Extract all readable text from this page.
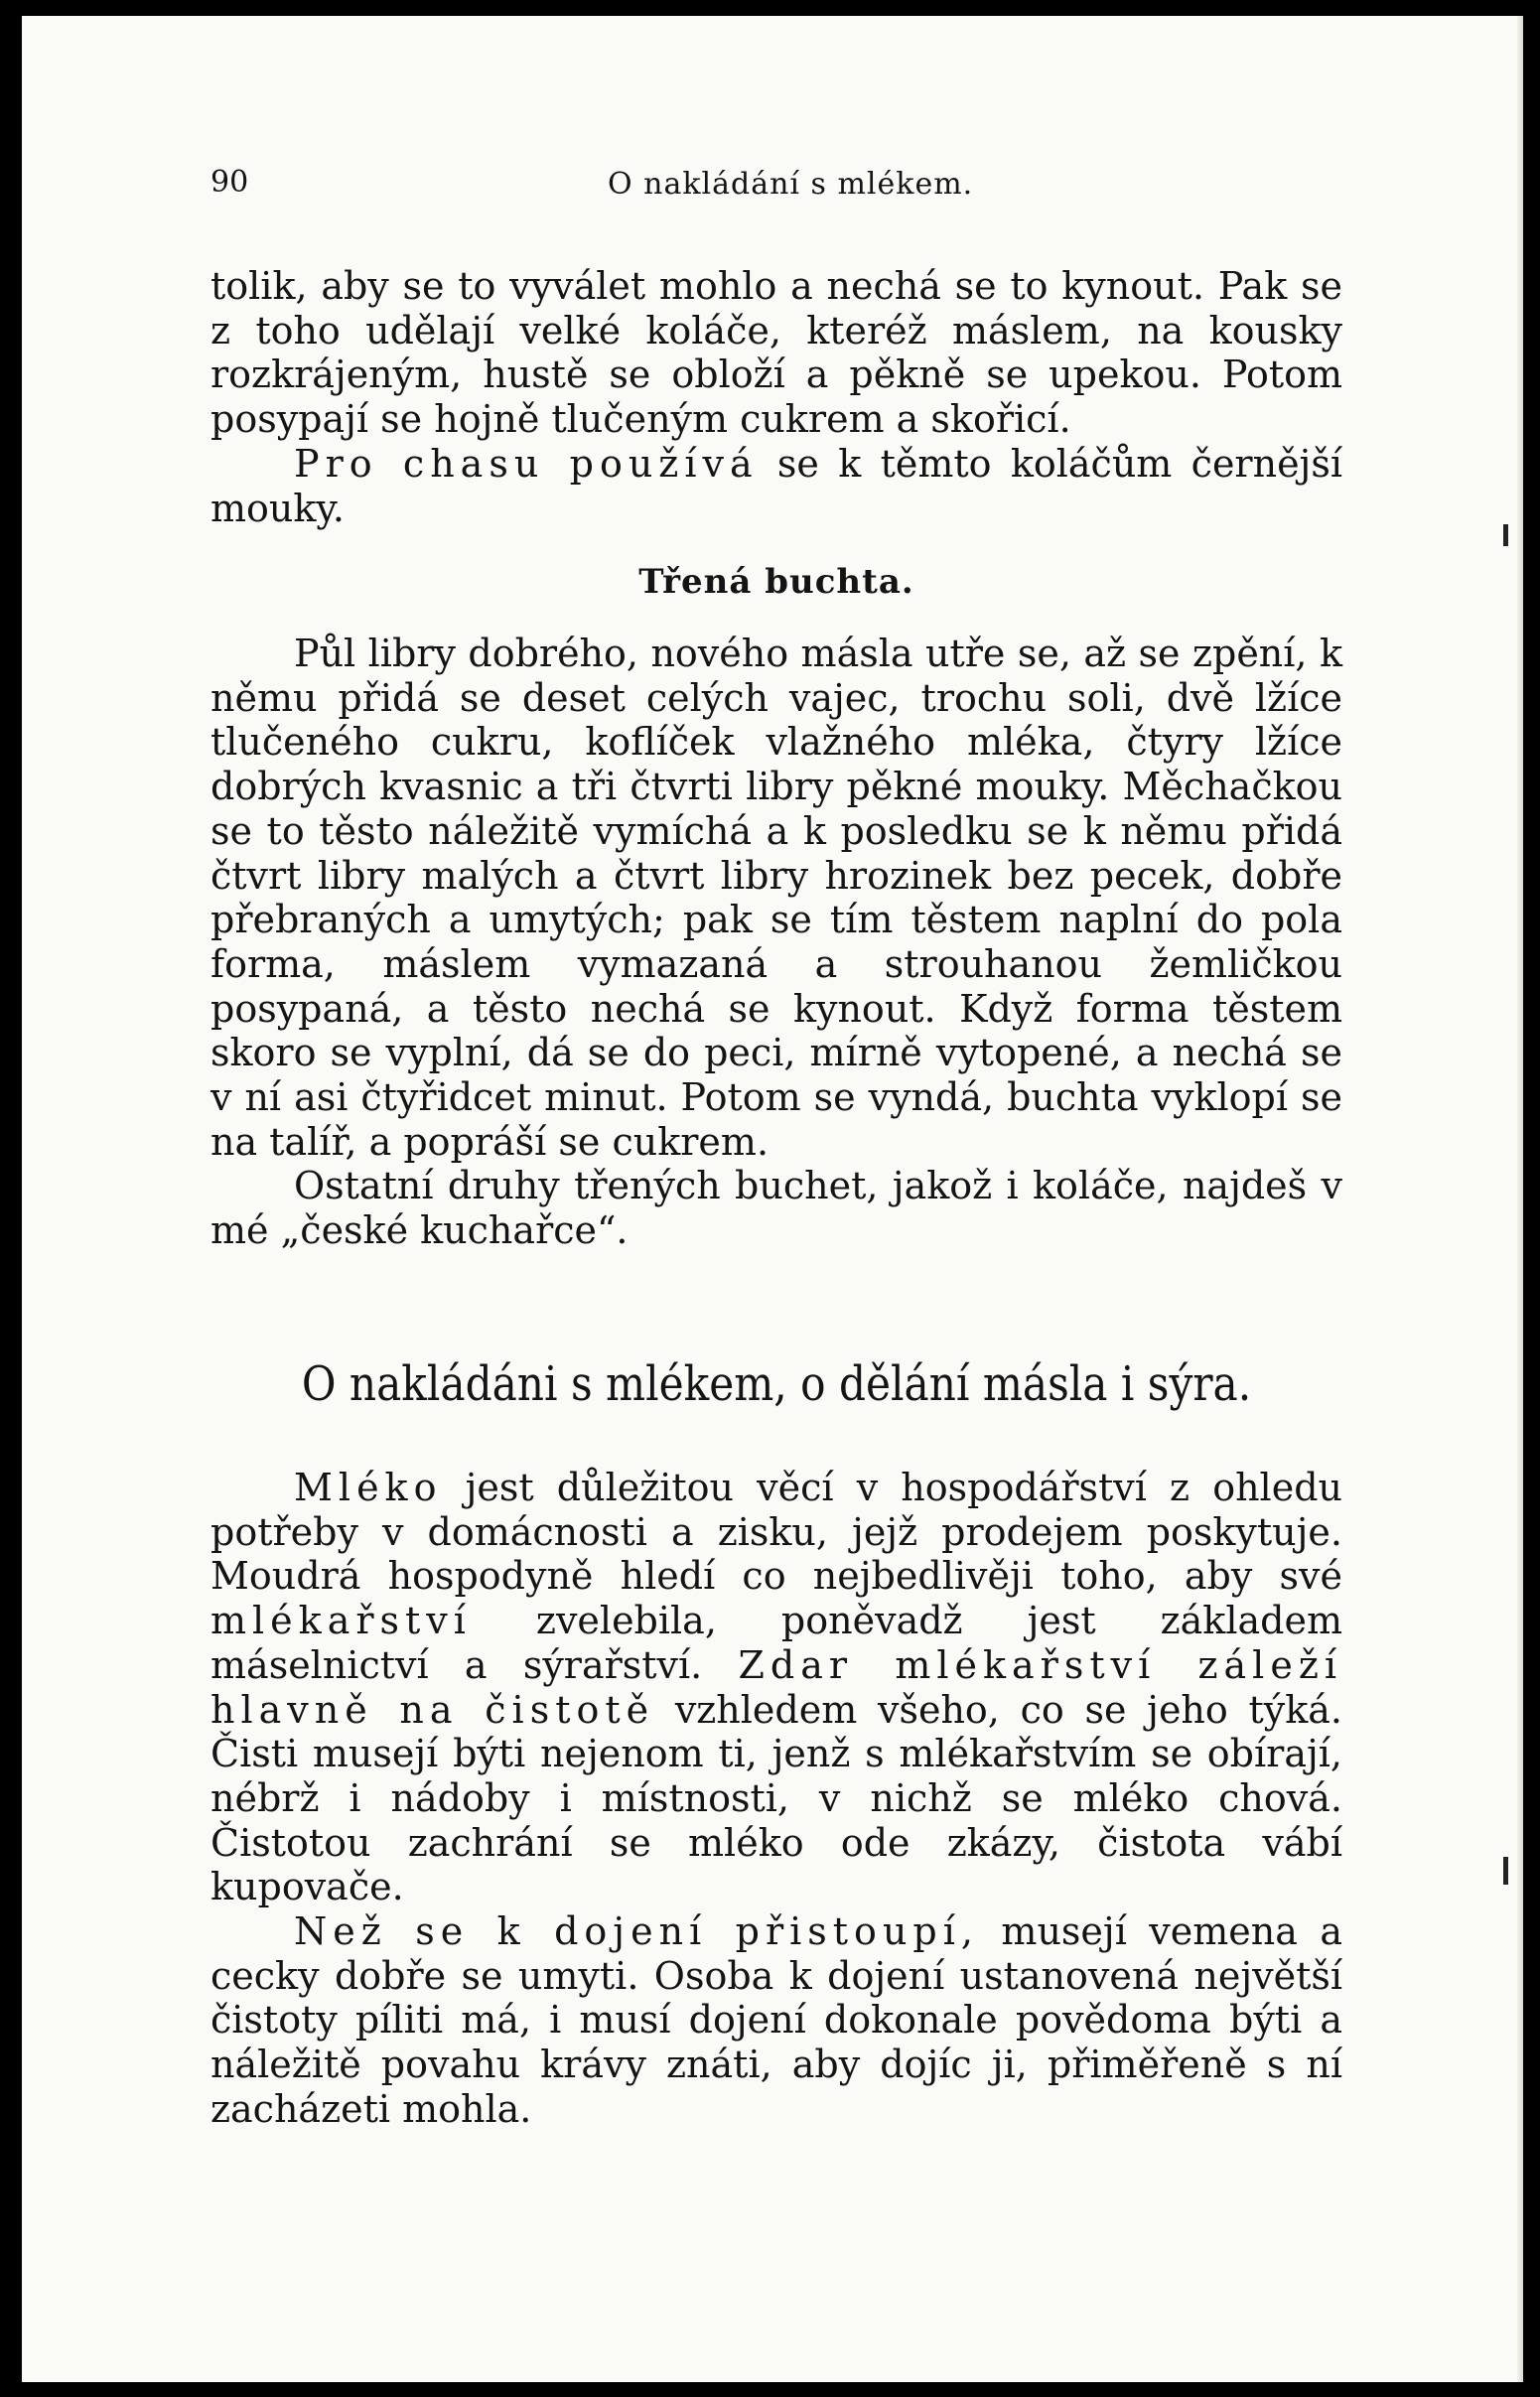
90	O nakládání s mlékem.

tolik, aby se to vyválet mohlo a nechá se to kynout. Pak se z toho udělají velké koláče, kteréž máslem, na kousky rozkrájeným, hustě se obloží a pěkně se upekou. Potom posypají se hojně tlučeným cukrem a skořicí.

Pro chasu používá se k těmto koláčům černější mouky.

Třená buchta.

Půl libry dobrého, nového másla utře se, až se zpění, k němu přidá se deset celých vajec, trochu soli, dvě lžíce tlučeného cukru, koflíček vlažného mléka, čtyry lžíce dobrých kvasnic a tři čtvrti libry pěkné mouky. Měchačkou se to těsto náležitě vymíchá a k posledku se k němu přidá čtvrt libry malých a čtvrt libry hrozinek bez pecek, dobře přebraných a umytých; pak se tím těstem naplní do pola forma, máslem vymazaná a strouhanou žemličkou posypaná, a těsto nechá se kynout. Když forma těstem skoro se vyplní, dá se do peci, mírně vytopené, a nechá se v ní asi čtyřidcet minut. Potom se vyndá, buchta vyklopí se na talíř, a popráší se cukrem.

Ostatní druhy třených buchet, jakož i koláče, najdeš v mé „české kuchařce“.

O nakládáni s mlékem, o dělání másla i sýra.

Mléko jest důležitou věcí v hospodářství z ohledu potřeby v domácnosti a zisku, jejž prodejem poskytuje. Moudrá hospodyně hledí co nejbedlivěji toho, aby své mlékařství zvelebila, poněvadž jest základem máselnictví a sýrařství. Zdar mlékařství záleží hlavně na čistotě vzhledem všeho, co se jeho týká. Čisti musejí býti nejenom ti, jenž s mlékařstvím se obírají, nébrž i nádoby i místnosti, v nichž se mléko chová. Čistotou zachrání se mléko ode zkázy, čistota vábí kupovače.

Než se k dojení přistoupí, musejí vemena a cecky dobře se umyti. Osoba k dojení ustanovená největší čistoty píliti má, i musí dojení dokonale povědoma býti a náležitě povahu krávy znáti, aby dojíc ji, přiměřeně s ní zacházeti mohla.
